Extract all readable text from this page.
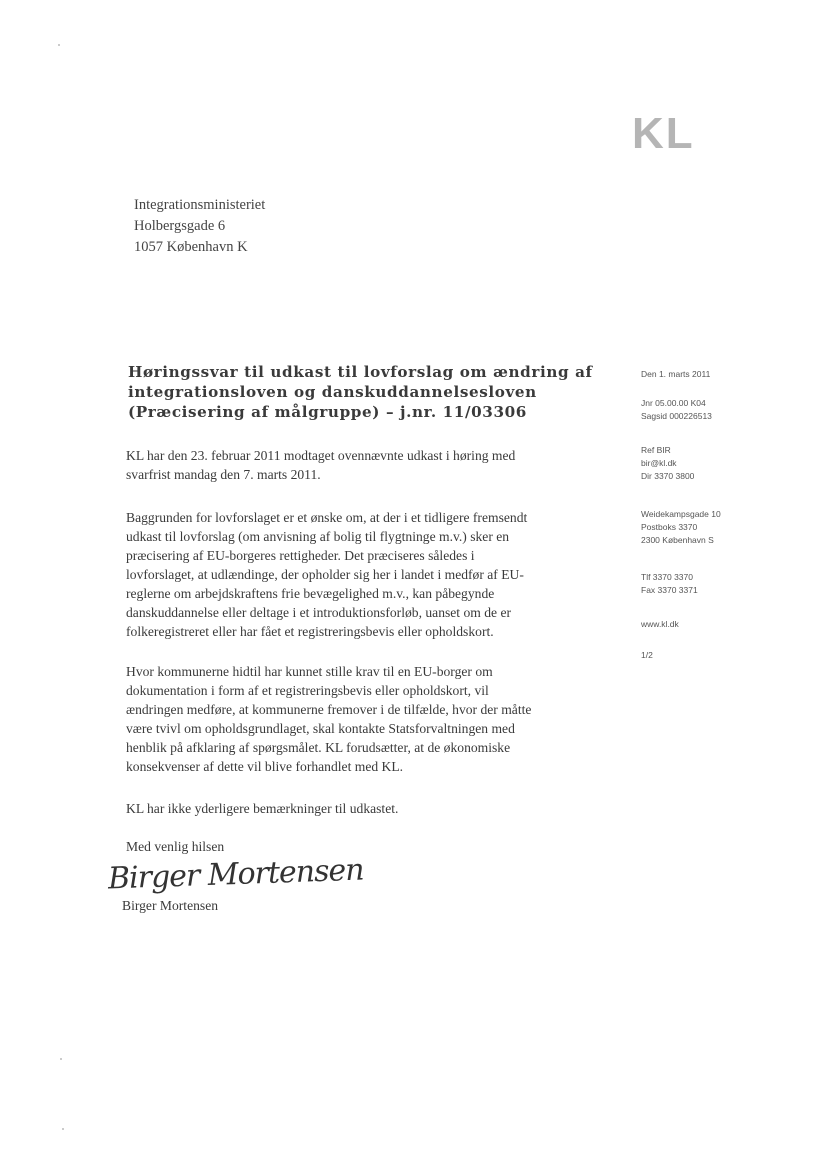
KL
Integrationsministeriet
Holbergsgade 6
1057 København K
Høringssvar til udkast til lovforslag om ændring af
integrationsloven og danskuddannelsesloven
(Præcisering af målgruppe) – j.nr. 11/03306
KL har den 23. februar 2011 modtaget ovennævnte udkast i høring med
svarfrist mandag den 7. marts 2011.
Baggrunden for lovforslaget er et ønske om, at der i et tidligere fremsendt
udkast til lovforslag (om anvisning af bolig til flygtninge m.v.) sker en
præcisering af EU-borgeres rettigheder. Det præciseres således i
lovforslaget, at udlændinge, der opholder sig her i landet i medfør af EU-
reglerne om arbejdskraftens frie bevægelighed m.v., kan påbegynde
danskuddannelse eller deltage i et introduktionsforløb, uanset om de er
folkeregistreret eller har fået et registreringsbevis eller opholdskort.
Hvor kommunerne hidtil har kunnet stille krav til en EU-borger om
dokumentation i form af et registreringsbevis eller opholdskort, vil
ændringen medføre, at kommunerne fremover i de tilfælde, hvor der måtte
være tvivl om opholdsgrundlaget, skal kontakte Statsforvaltningen med
henblik på afklaring af spørgsmålet. KL forudsætter, at de økonomiske
konsekvenser af dette vil blive forhandlet med KL.
KL har ikke yderligere bemærkninger til udkastet.
Med venlig hilsen
Birger Mortensen
Birger Mortensen
Den 1. marts 2011
Jnr 05.00.00 K04
Sagsid 000226513
Ref BIR
bir@kl.dk
Dir 3370 3800
Weidekampsgade 10
Postboks 3370
2300 København S
Tlf 3370 3370
Fax 3370 3371
www.kl.dk
1/2
